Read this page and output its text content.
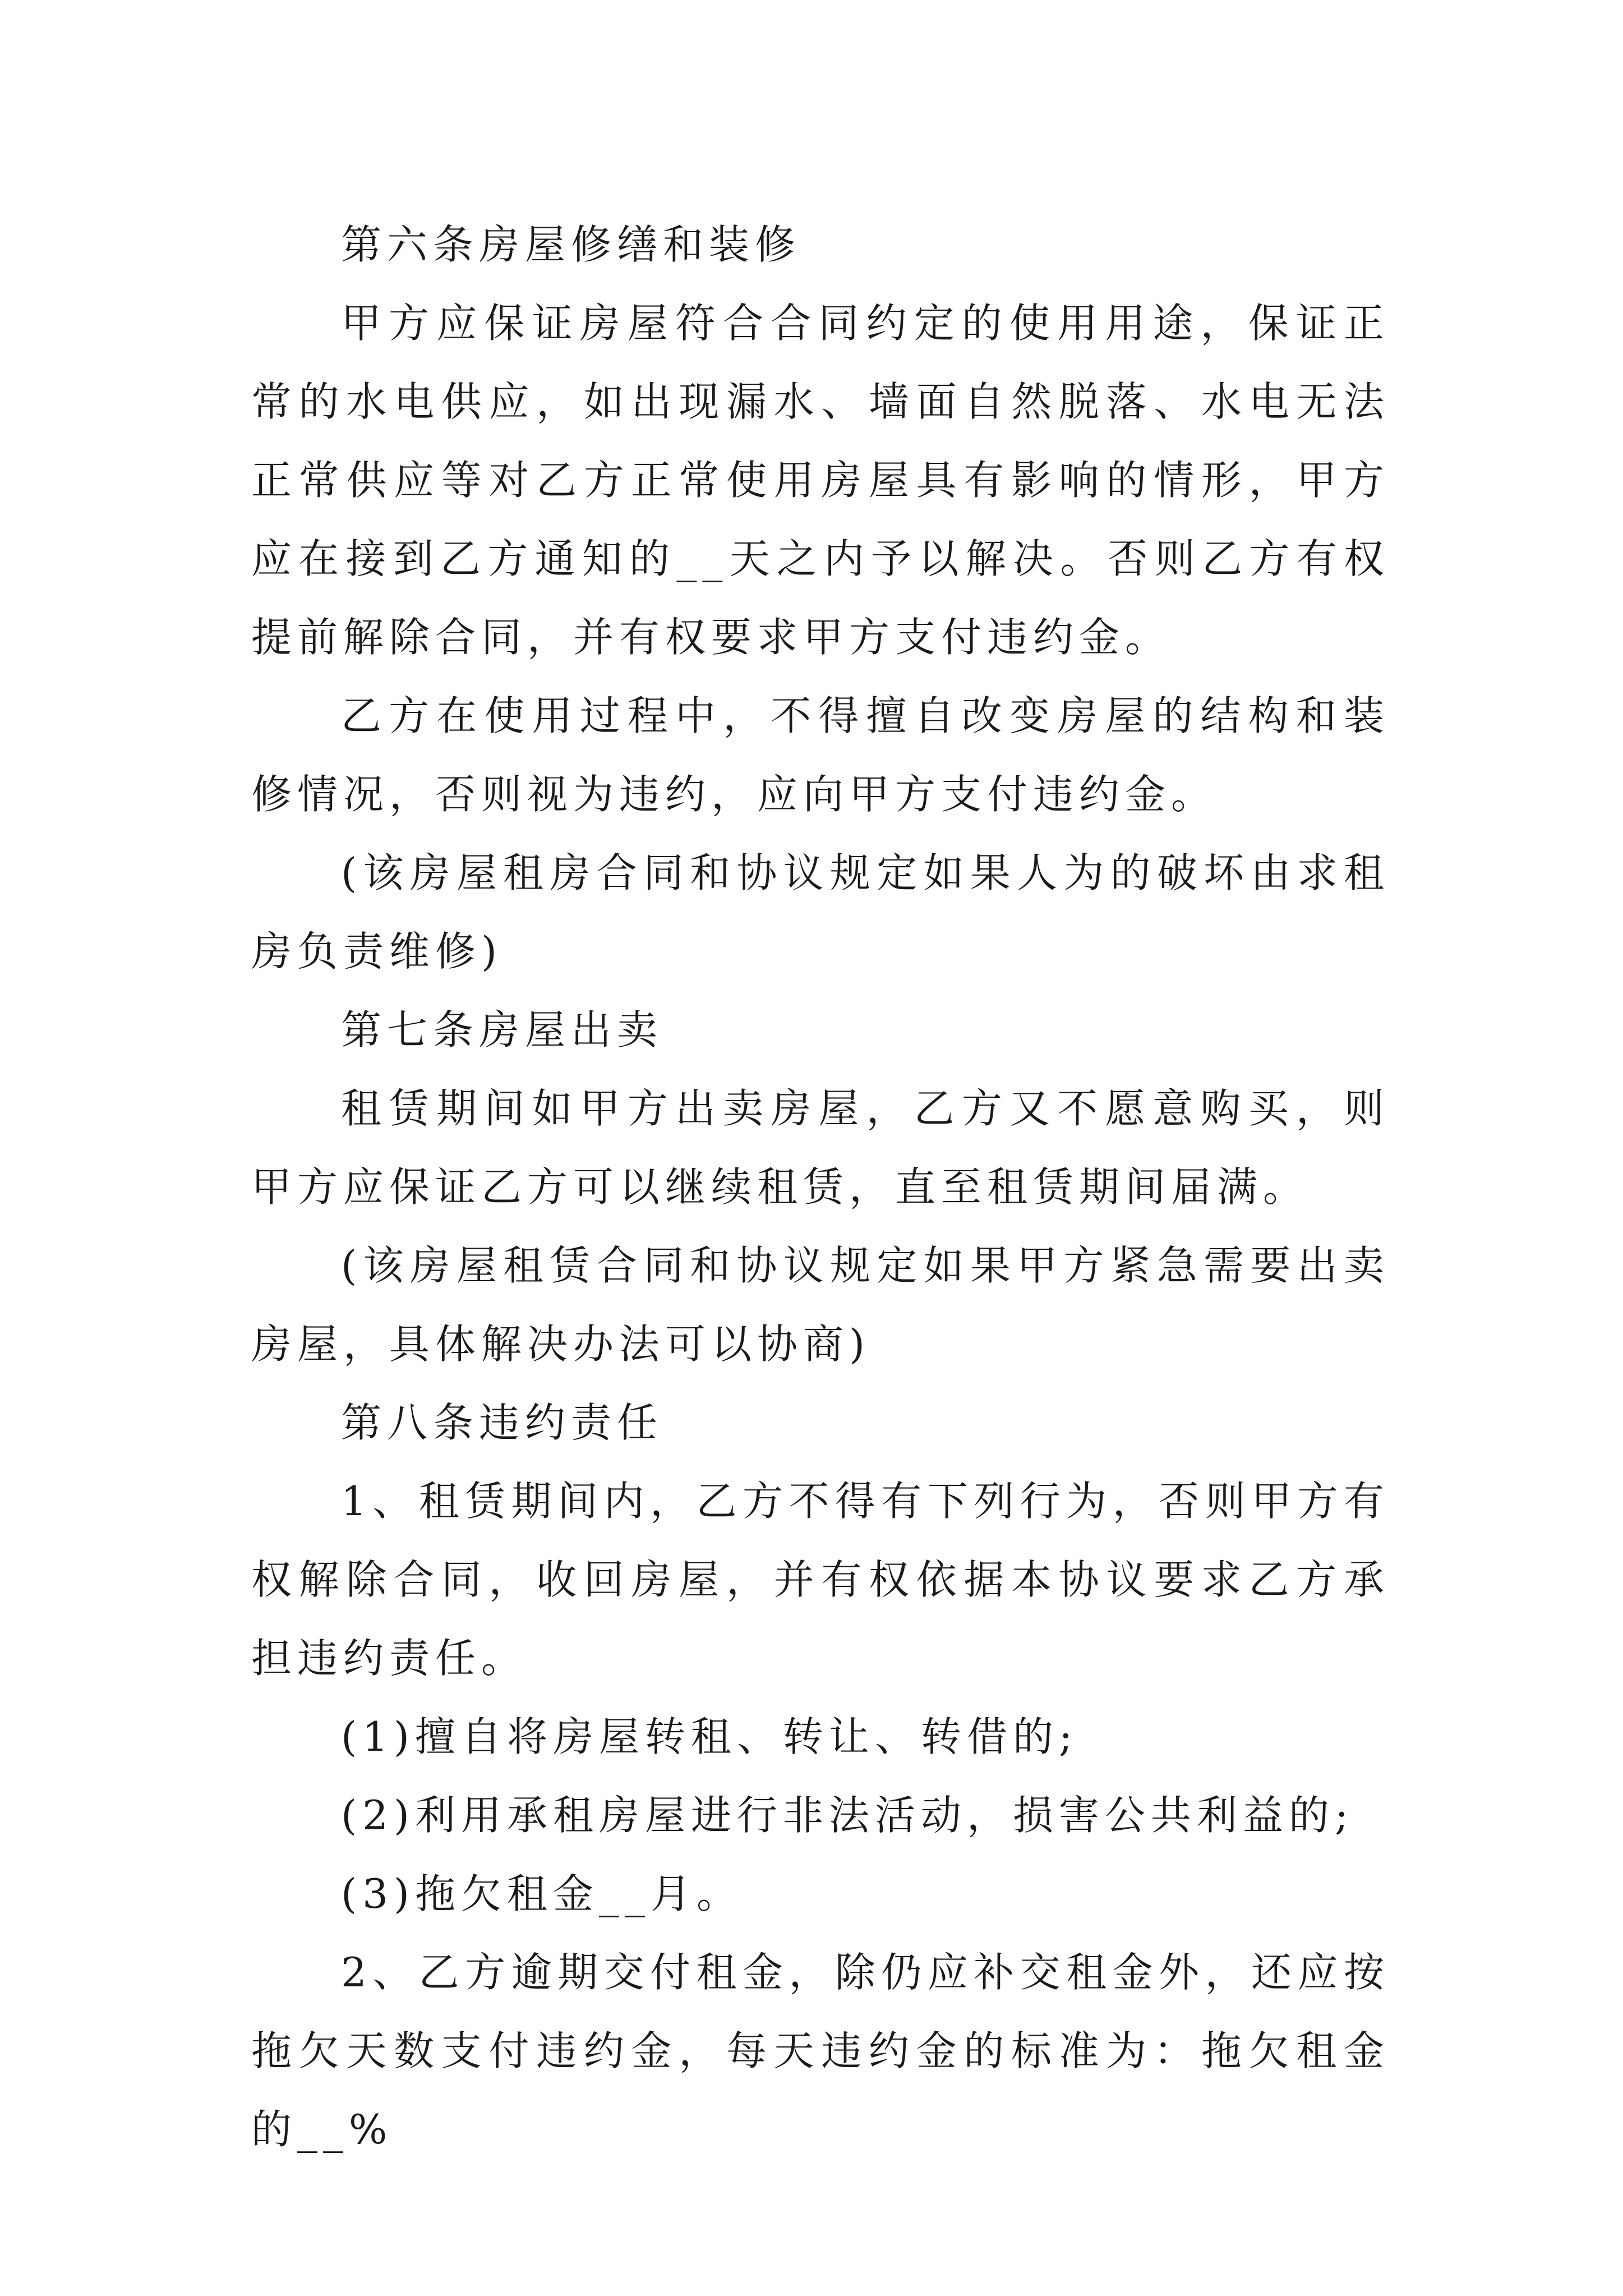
第六条房屋修缮和装修

甲方应保证房屋符合合同约定的使用用途，保证正常的水电供应，如出现漏水、墙面自然脱落、水电无法正常供应等对乙方正常使用房屋具有影响的情形，甲方应在接到乙方通知的__天之内予以解决。否则乙方有权提前解除合同，并有权要求甲方支付违约金。

乙方在使用过程中，不得擅自改变房屋的结构和装修情况，否则视为违约，应向甲方支付违约金。

(该房屋租房合同和协议规定如果人为的破坏由求租房负责维修)

第七条房屋出卖

租赁期间如甲方出卖房屋，乙方又不愿意购买，则甲方应保证乙方可以继续租赁，直至租赁期间届满。

(该房屋租赁合同和协议规定如果甲方紧急需要出卖房屋，具体解决办法可以协商)

第八条违约责任

1、租赁期间内，乙方不得有下列行为，否则甲方有权解除合同，收回房屋，并有权依据本协议要求乙方承担违约责任。

(1)擅自将房屋转租、转让、转借的;

(2)利用承租房屋进行非法活动，损害公共利益的;

(3)拖欠租金__月。

2、乙方逾期交付租金，除仍应补交租金外，还应按拖欠天数支付违约金，每天违约金的标准为：拖欠租金的__%
